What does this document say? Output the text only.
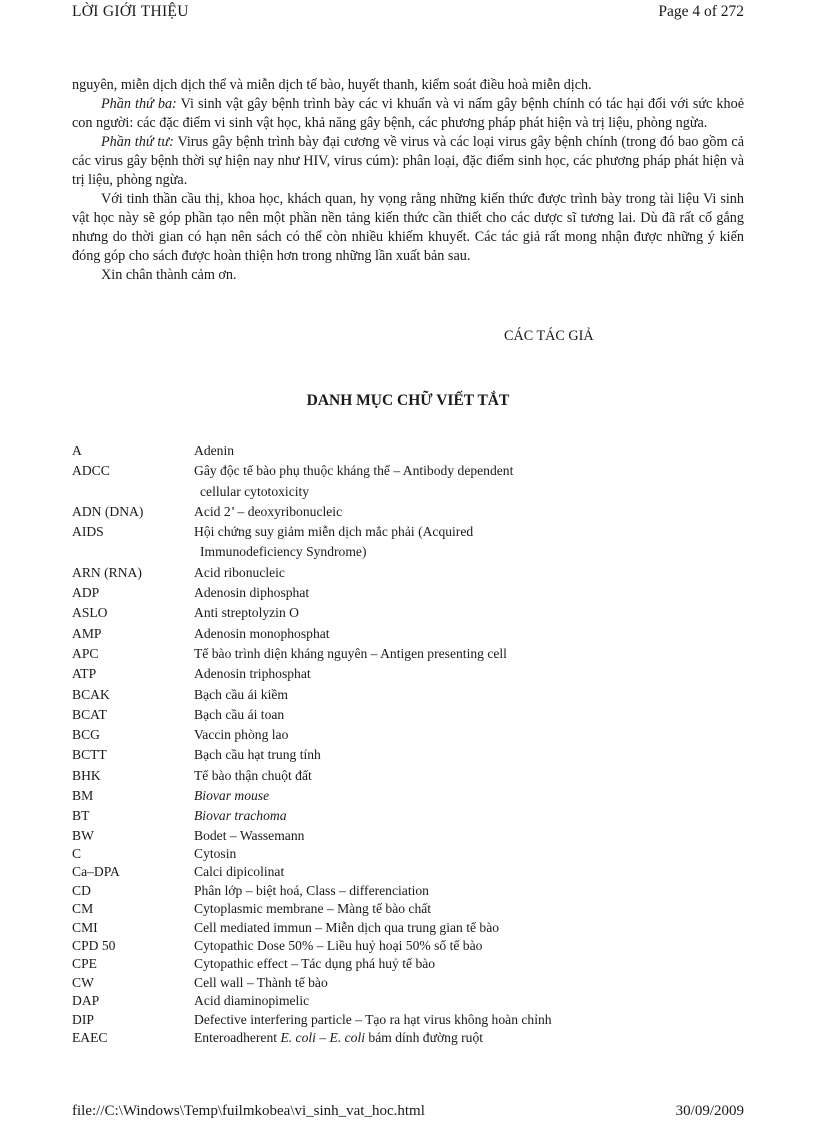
LỜI GIỚI THIỆU	Page 4 of 272

nguyên, miễn dịch dịch thể và miễn dịch tế bào, huyết thanh, kiểm soát điều hoà miễn dịch.

Phần thứ ba: Vi sinh vật gây bệnh trình bày các vi khuẩn và vi nấm gây bệnh chính có tác hại đối với sức khoẻ con người: các đặc điểm vi sinh vật học, khả năng gây bệnh, các phương pháp phát hiện và trị liệu, phòng ngừa.

Phần thứ tư: Virus gây bệnh trình bày đại cương về virus và các loại virus gây bệnh chính (trong đó bao gồm cả các virus gây bệnh thời sự hiện nay như HIV, virus cúm): phân loại, đặc điểm sinh học, các phương pháp phát hiện và trị liệu, phòng ngừa.

Với tinh thần cầu thị, khoa học, khách quan, hy vọng rằng những kiến thức được trình bày trong tài liệu Vi sinh vật học này sẽ góp phần tạo nên một phần nền tảng kiến thức cần thiết cho các dược sĩ tương lai. Dù đã rất cố gắng nhưng do thời gian có hạn nên sách có thể còn nhiều khiếm khuyết. Các tác giả rất mong nhận được những ý kiến đóng góp cho sách được hoàn thiện hơn trong những lần xuất bản sau.

Xin chân thành cảm ơn.

CÁC TÁC GIẢ
DANH MỤC CHỮ VIẾT TẮT
A	Adenin
ADCC	Gây độc tế bào phụ thuộc kháng thể – Antibody dependent
cellular cytotoxicity
ADN (DNA)	Acid 2’ – deoxyribonucleic
AIDS	Hội chứng suy giảm miễn dịch mắc phải (Acquired
Immunodeficiency Syndrome)
ARN (RNA)	Acid ribonucleic
ADP	Adenosin diphosphat
ASLO	Anti streptolyzin O
AMP	Adenosin monophosphat
APC	Tế bào trình diện kháng nguyên – Antigen presenting cell
ATP	Adenosin triphosphat
BCAK	Bạch cầu ái kiềm
BCAT	Bạch cầu ái toan
BCG	Vaccin phòng lao
BCTT	Bạch cầu hạt trung tính
BHK	Tế bào thận chuột đất
BM	Biovar mouse
BT	Biovar trachoma
BW	Bodet – Wassemann
C	Cytosin
Ca–DPA	Calci dipicolinat
CD	Phân lớp – biệt hoá, Class – differenciation
CM	Cytoplasmic membrane – Màng tế bào chất
CMI	Cell mediated immun – Miễn dịch qua trung gian tế bào
CPD 50	Cytopathic Dose 50% – Liều huỷ hoại 50% số tế bào
CPE	Cytopathic effect – Tác dụng phá huỷ tế bào
CW	Cell wall – Thành tế bào
DAP	Acid diaminopimelic
DIP	Defective interfering particle – Tạo ra hạt virus không hoàn chỉnh
EAEC	Enteroadherent E. coli – E. coli bám dính đường ruột
file://C:\Windows\Temp\fuilmkobea\vi_sinh_vat_hoc.html	30/09/2009
